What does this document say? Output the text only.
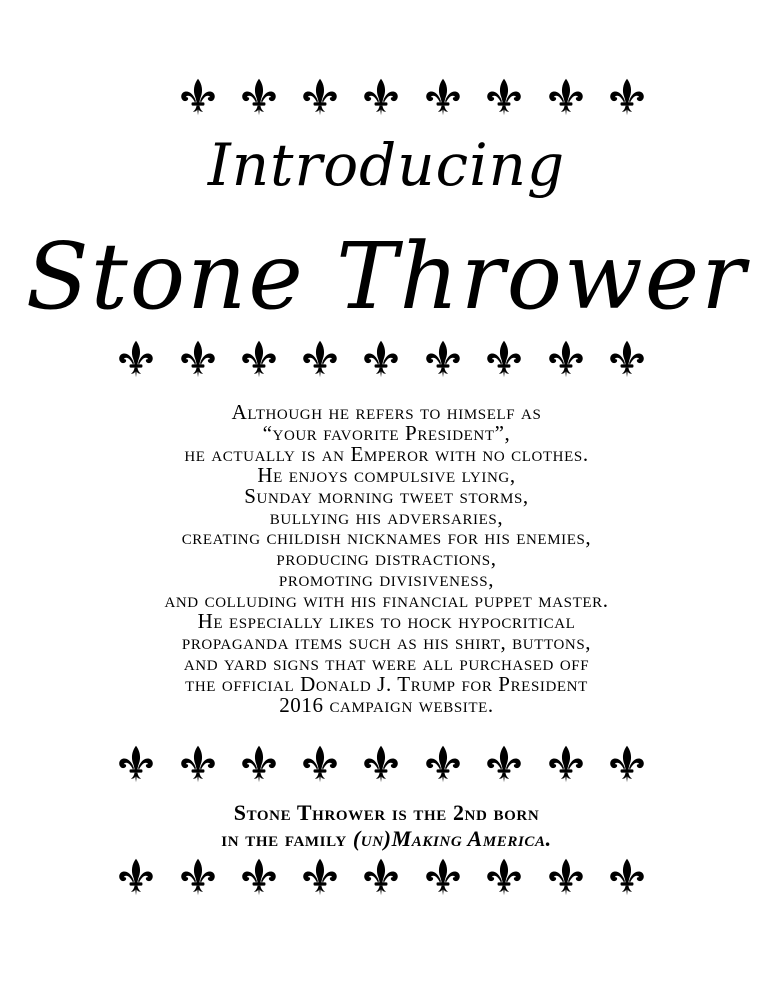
Introducing
Stone Thrower
Although he refers to himself as
“your favorite President”,
he actually is an Emperor with no clothes.
He enjoys compulsive lying,
Sunday morning tweet storms,
bullying his adversaries,
creating childish nicknames for his enemies,
producing distractions,
promoting divisiveness,
and colluding with his financial puppet master.
He especially likes to hock hypocritical
propaganda items such as his shirt, buttons,
and yard signs that were all purchased off
the official Donald J. Trump for President
2016 campaign website.
Stone Thrower is the 2nd born
in the family (un)Making America.
